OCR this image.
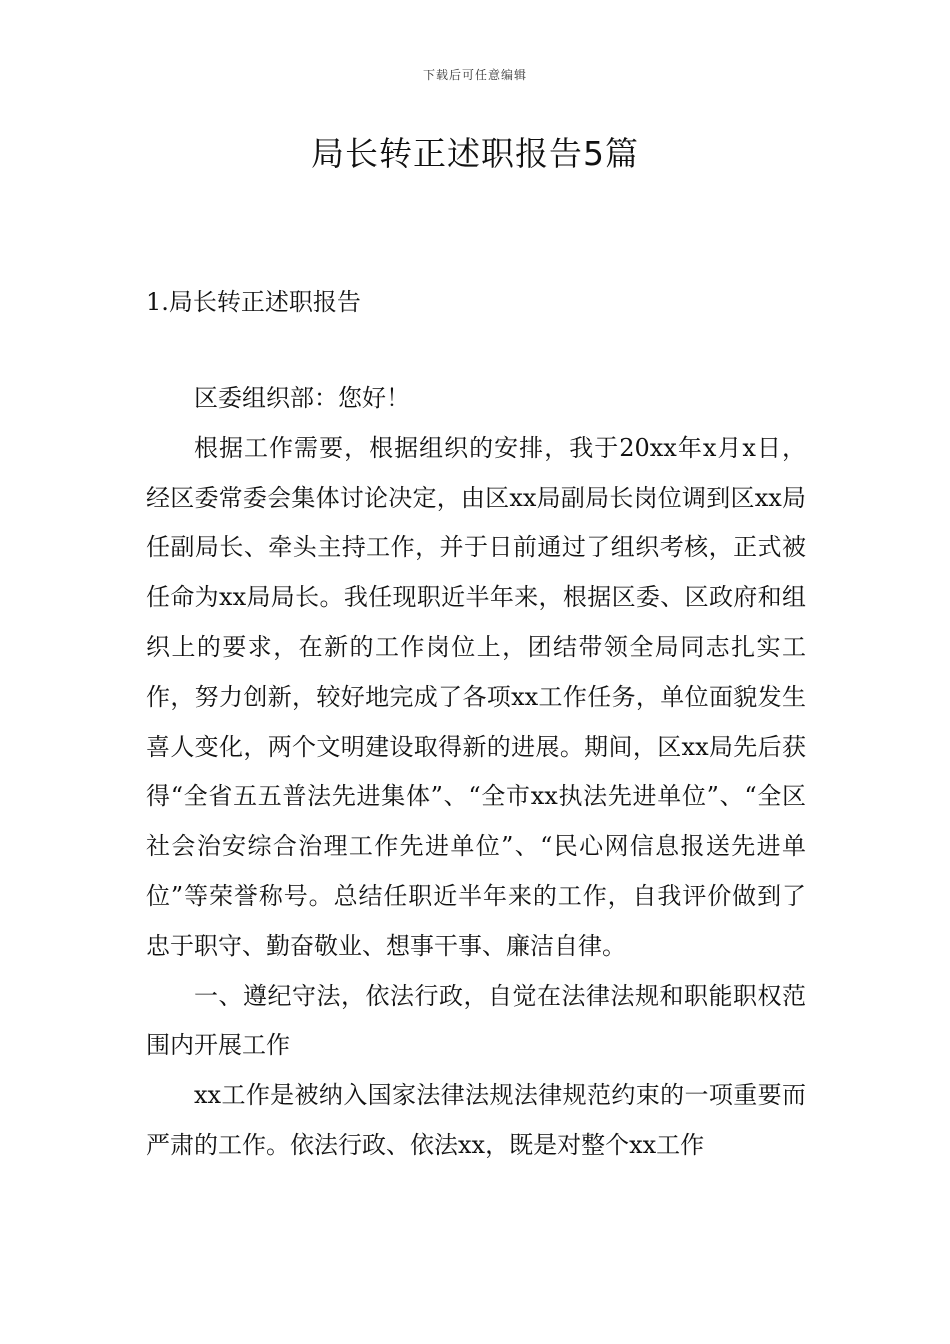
下载后可任意编辑
局长转正述职报告5篇
1.局长转正述职报告

区委组织部：您好！

根据工作需要，根据组织的安排，我于20xx年x月x日，经区委常委会集体讨论决定，由区xx局副局长岗位调到区xx局任副局长、牵头主持工作，并于日前通过了组织考核，正式被任命为xx局局长。我任现职近半年来，根据区委、区政府和组织上的要求，在新的工作岗位上，团结带领全局同志扎实工作，努力创新，较好地完成了各项xx工作任务，单位面貌发生喜人变化，两个文明建设取得新的进展。期间，区xx局先后获得“全省五五普法先进集体”、“全市xx执法先进单位”、“全区社会治安综合治理工作先进单位”、“民心网信息报送先进单位”等荣誉称号。总结任职近半年来的工作，自我评价做到了忠于职守、勤奋敬业、想事干事、廉洁自律。

一、遵纪守法，依法行政，自觉在法律法规和职能职权范围内开展工作

xx工作是被纳入国家法律法规法律规范约束的一项重要而严肃的工作。依法行政、依法xx，既是对整个xx工作
